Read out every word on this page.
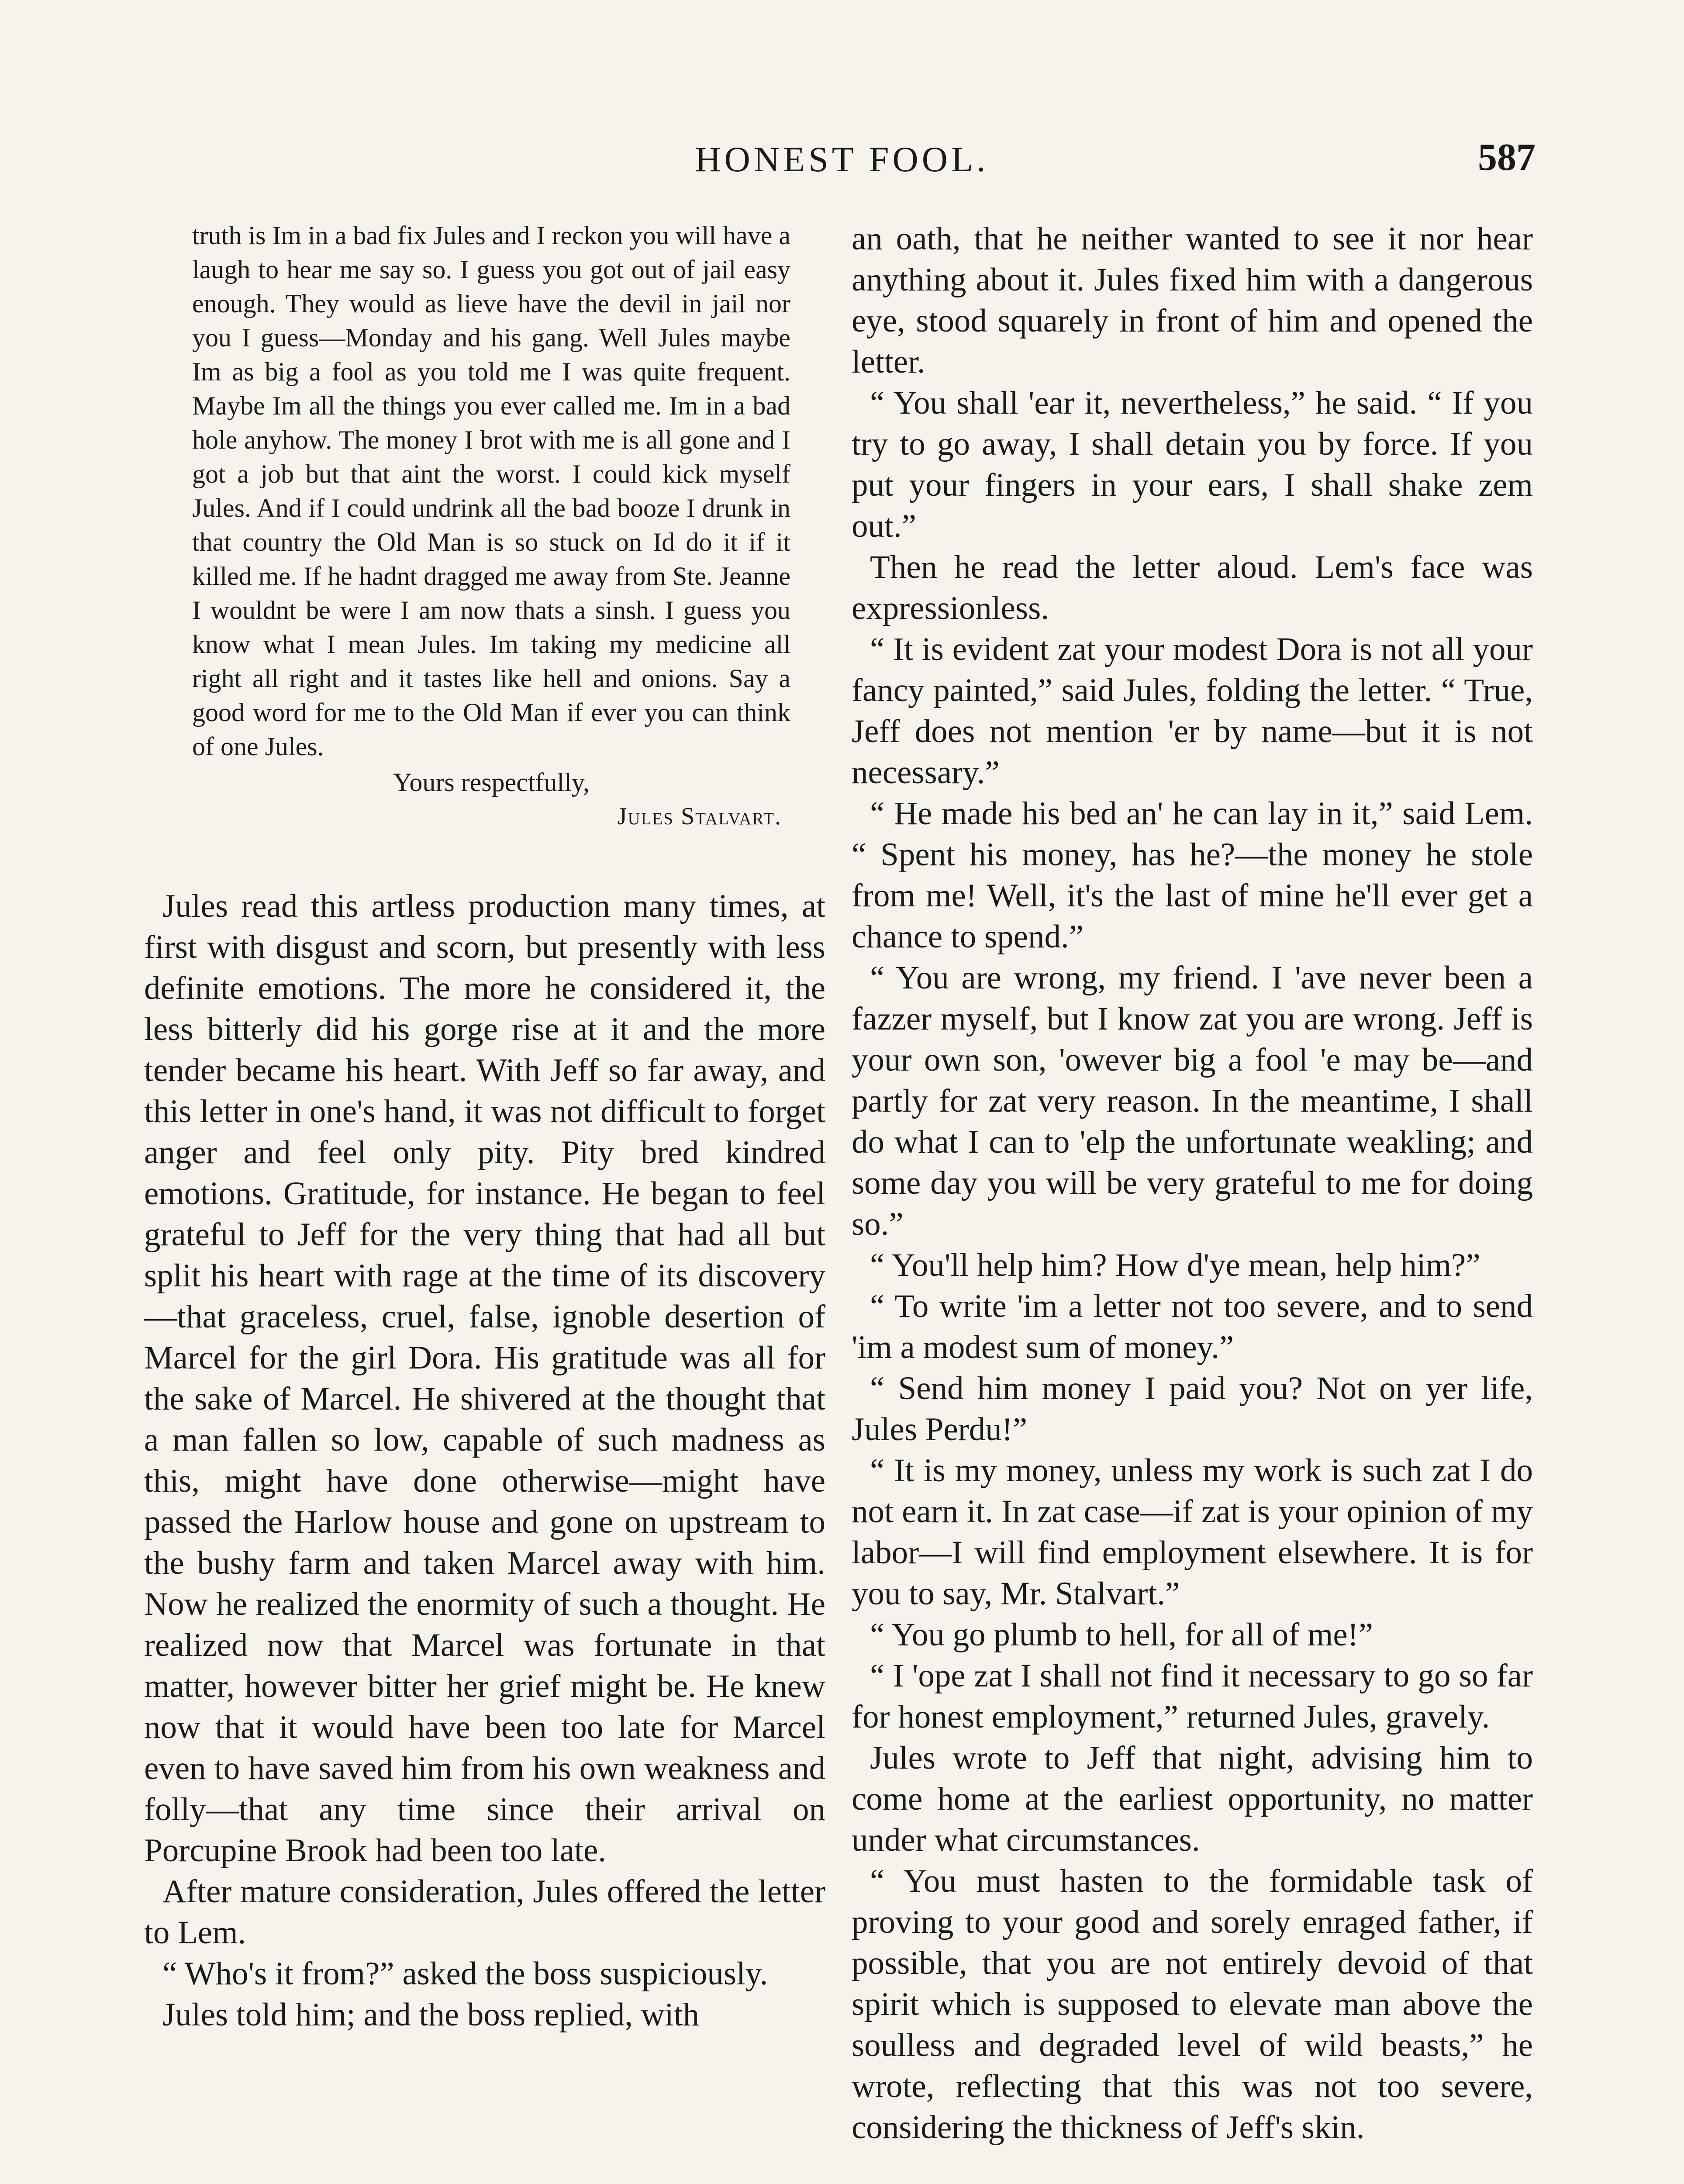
HONEST FOOL.	587

truth is Im in a bad fix Jules and I reckon you will have a laugh to hear me say so. I guess you got out of jail easy enough. They would as lieve have the devil in jail nor you I guess—Monday and his gang. Well Jules maybe Im as big a fool as you told me I was quite frequent. Maybe Im all the things you ever called me. Im in a bad hole anyhow. The money I brot with me is all gone and I got a job but that aint the worst. I could kick myself Jules. And if I could undrink all the bad booze I drunk in that country the Old Man is so stuck on Id do it if it killed me. If he hadnt dragged me away from Ste. Jeanne I wouldnt be were I am now thats a sinsh. I guess you know what I mean Jules. Im taking my medicine all right all right and it tastes like hell and onions. Say a good word for me to the Old Man if ever you can think of one Jules.

Yours respectfully,
Jules Stalvart.

Jules read this artless production many times, at first with disgust and scorn, but presently with less definite emotions. The more he considered it, the less bitterly did his gorge rise at it and the more tender became his heart. With Jeff so far away, and this letter in one's hand, it was not difficult to forget anger and feel only pity. Pity bred kindred emotions. Gratitude, for instance. He began to feel grateful to Jeff for the very thing that had all but split his heart with rage at the time of its discovery—that graceless, cruel, false, ignoble desertion of Marcel for the girl Dora. His gratitude was all for the sake of Marcel. He shivered at the thought that a man fallen so low, capable of such madness as this, might have done otherwise—might have passed the Harlow house and gone on upstream to the bushy farm and taken Marcel away with him. Now he realized the enormity of such a thought. He realized now that Marcel was fortunate in that matter, however bitter her grief might be. He knew now that it would have been too late for Marcel even to have saved him from his own weakness and folly—that any time since their arrival on Porcupine Brook had been too late.

After mature consideration, Jules offered the letter to Lem.

“ Who's it from?” asked the boss suspiciously.

Jules told him; and the boss replied, with

an oath, that he neither wanted to see it nor hear anything about it. Jules fixed him with a dangerous eye, stood squarely in front of him and opened the letter.

“ You shall 'ear it, nevertheless,” he said. “ If you try to go away, I shall detain you by force. If you put your fingers in your ears, I shall shake zem out.”

Then he read the letter aloud. Lem's face was expressionless.

“ It is evident zat your modest Dora is not all your fancy painted,” said Jules, folding the letter. “ True, Jeff does not mention 'er by name—but it is not necessary.”

“ He made his bed an' he can lay in it,” said Lem. “ Spent his money, has he?—the money he stole from me! Well, it's the last of mine he'll ever get a chance to spend.”

“ You are wrong, my friend. I 'ave never been a fazzer myself, but I know zat you are wrong. Jeff is your own son, 'owever big a fool 'e may be—and partly for zat very reason. In the meantime, I shall do what I can to 'elp the unfortunate weakling; and some day you will be very grateful to me for doing so.”

“ You'll help him? How d'ye mean, help him?”

“ To write 'im a letter not too severe, and to send 'im a modest sum of money.”

“ Send him money I paid you? Not on yer life, Jules Perdu!”

“ It is my money, unless my work is such zat I do not earn it. In zat case—if zat is your opinion of my labor—I will find employment elsewhere. It is for you to say, Mr. Stalvart.”

“ You go plumb to hell, for all of me!”

“ I 'ope zat I shall not find it necessary to go so far for honest employment,” returned Jules, gravely.

Jules wrote to Jeff that night, advising him to come home at the earliest opportunity, no matter under what circumstances.

“ You must hasten to the formidable task of proving to your good and sorely enraged father, if possible, that you are not entirely devoid of that spirit which is supposed to elevate man above the soulless and degraded level of wild beasts,” he wrote, reflecting that this was not too severe, considering the thickness of Jeff's skin.
